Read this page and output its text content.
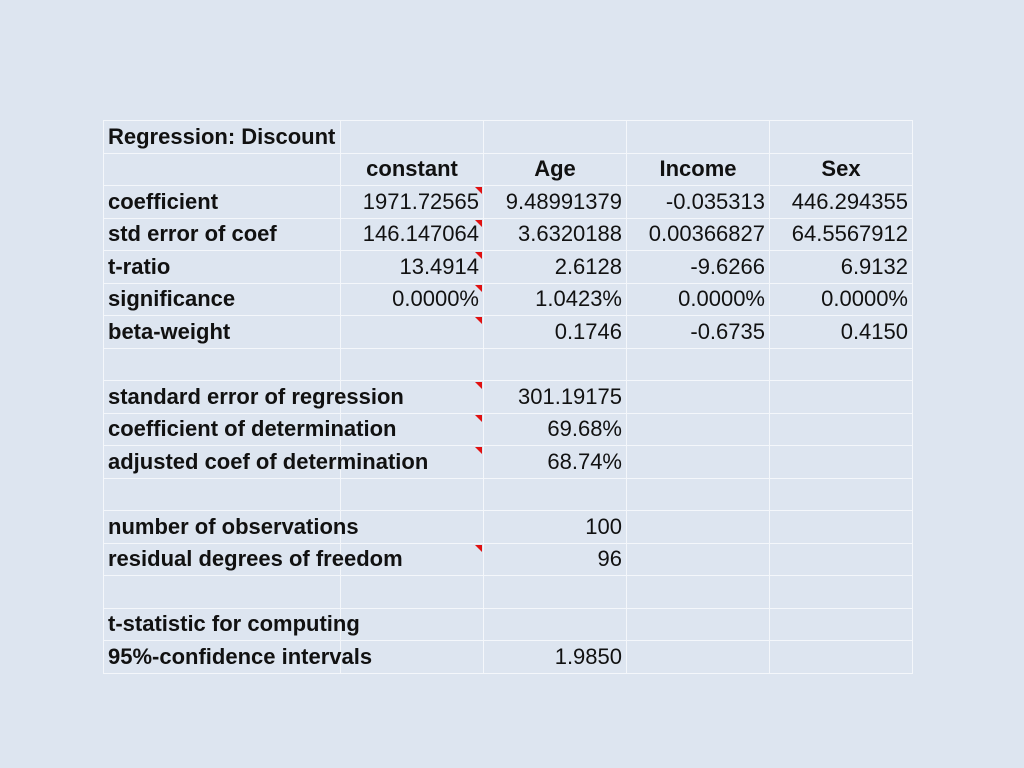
Regression: Discount				

	constant	Age	Income	Sex
coefficient	1971.72565	9.48991379	-0.035313	446.294355
std error of coef	146.147064	3.6320188	0.00366827	64.5567912
t-ratio	13.4914	2.6128	-9.6266	6.9132
significance	0.0000%	1.0423%	0.0000%	0.0000%
beta-weight		0.1746	-0.6735	0.4150

standard error of regression		301.19175		

coefficient of determination		69.68%		

adjusted coef of determination		68.74%		

number of observations		100		

residual degrees of freedom		96		

t-statistic for computing				

95%-confidence intervals		1.9850		
